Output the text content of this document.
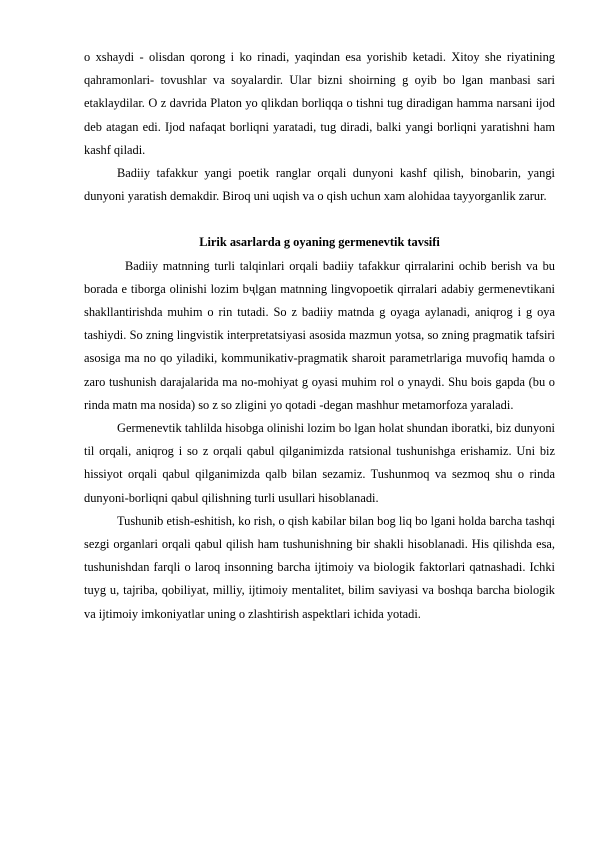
o xshaydi - olisdan qorong i ko rinadi, yaqindan esa yorishib ketadi. Xitoy she riyatining qahramonlari- tovushlar va soyalardir. Ular bizni shoirning g oyib bo lgan manbasi sari etaklaydilar. O z davrida Platon yo qlikdan borliqqa o tishni tug diradigan hamma narsani ijod deb atagan edi. Ijod nafaqat borliqni yaratadi, tug diradi, balki yangi borliqni yaratishni ham kashf qiladi.

Badiiy tafakkur yangi poetik ranglar orqali dunyoni kashf qilish, binobarin, yangi dunyoni yaratish demakdir. Biroq uni uqish va o qish uchun xam alohidaa tayyorganlik zarur.

Lirik asarlarda g oyaning germenevtik tavsifi

Badiiy matnning turli talqinlari orqali badiiy tafakkur qirralarini ochib berish va bu borada e tiborga olinishi lozim bҷlgan matnning lingvopoetik qirralari adabiy germenevtikani shakllantirishda muhim o rin tutadi. So z badiiy matnda g oyaga aylanadi, aniqrog i g oya tashiydi. So zning lingvistik interpretatsiyasi asosida mazmun yotsa, so zning pragmatik tafsiri asosiga ma no qo yiladiki, kommunikativ-pragmatik sharoit parametrlariga muvofiq hamda o zaro tushunish darajalarida ma no-mohiyat g oyasi muhim rol o ynaydi. Shu bois gapda (bu o rinda matn ma nosida) so z so zligini yo qotadi -degan mashhur metamorfoza yaraladi.

Germenevtik tahlilda hisobga olinishi lozim bo lgan holat shundan iboratki, biz dunyoni til orqali, aniqrog i so z orqali qabul qilganimizda ratsional tushunishga erishamiz. Uni biz hissiyot orqali qabul qilganimizda qalb bilan sezamiz. Tushunmoq va sezmoq shu o rinda dunyoni-borliqni qabul qilishning turli usullari hisoblanadi.

Tushunib etish-eshitish, ko rish, o qish kabilar bilan bog liq bo lgani holda barcha tashqi sezgi organlari orqali qabul qilish ham tushunishning bir shakli hisoblanadi. His qilishda esa, tushunishdan farqli o laroq insonning barcha ijtimoiy va biologik faktorlari qatnashadi. Ichki tuyg u, tajriba, qobiliyat, milliy, ijtimoiy mentalitet, bilim saviyasi va boshqa barcha biologik va ijtimoiy imkoniyatlar uning o zlashtirish aspektlari ichida yotadi.
